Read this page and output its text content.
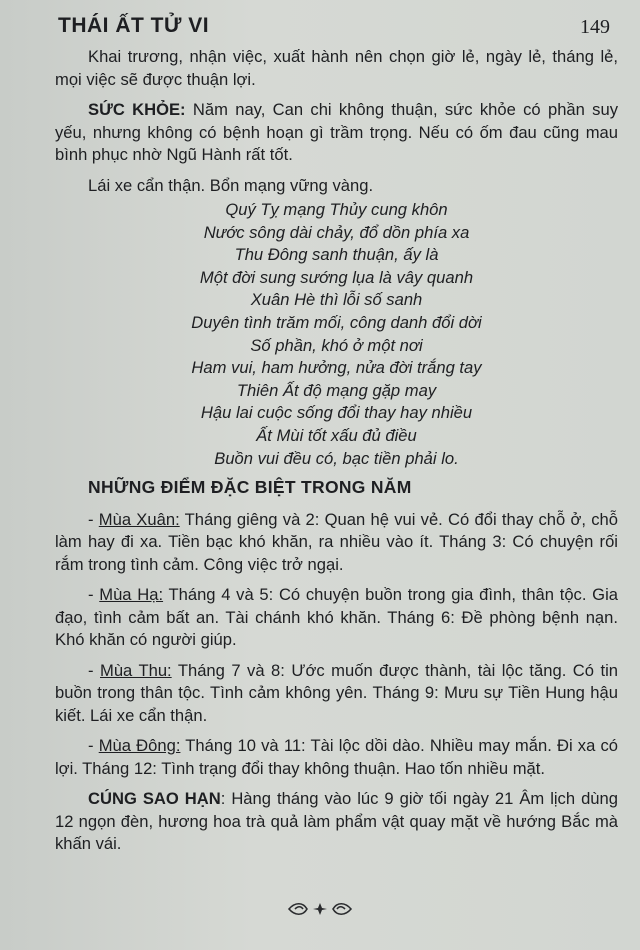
THÁI ẤT TỬ VI	149

Khai trương, nhận việc, xuất hành nên chọn giờ lẻ, ngày lẻ, tháng lẻ, mọi việc sẽ được thuận lợi.

SỨC KHỎE: Năm nay, Can chi không thuận, sức khỏe có phần suy yếu, nhưng không có bệnh hoạn gì trầm trọng. Nếu có ốm đau cũng mau bình phục nhờ Ngũ Hành rất tốt.

Lái xe cẩn thận. Bổn mạng vững vàng.

Quý Tỵ mạng Thủy cung khôn
Nước sông dài chảy, đổ dồn phía xa
Thu Đông sanh thuận, ấy là
Một đời sung sướng lụa là vây quanh
Xuân Hè thì lỗi số sanh
Duyên tình trăm mối, công danh đổi dời
Số phần, khó ở một nơi
Ham vui, ham hưởng, nửa đời trắng tay
Thiên Ất độ mạng gặp may
Hậu lai cuộc sống đổi thay hay nhiều
Ất Mùi tốt xấu đủ điều
Buồn vui đều có, bạc tiền phải lo.
NHỮNG ĐIỂM ĐẶC BIỆT TRONG NĂM

- Mùa Xuân: Tháng giêng và 2: Quan hệ vui vẻ. Có đổi thay chỗ ở, chỗ làm hay đi xa. Tiền bạc khó khăn, ra nhiều vào ít. Tháng 3: Có chuyện rối rắm trong tình cảm. Công việc trở ngại.

- Mùa Hạ: Tháng 4 và 5: Có chuyện buồn trong gia đình, thân tộc. Gia đạo, tình cảm bất an. Tài chánh khó khăn. Tháng 6: Đề phòng bệnh nạn. Khó khăn có người giúp.

- Mùa Thu: Tháng 7 và 8: Ước muốn được thành, tài lộc tăng. Có tin buồn trong thân tộc. Tình cảm không yên. Tháng 9: Mưu sự Tiền Hung hậu kiết. Lái xe cẩn thận.

- Mùa Đông: Tháng 10 và 11: Tài lộc dồi dào. Nhiều may mắn. Đi xa có lợi. Tháng 12: Tình trạng đổi thay không thuận. Hao tốn nhiều mặt.

CÚNG SAO HẠN: Hàng tháng vào lúc 9 giờ tối ngày 21 Âm lịch dùng 12 ngọn đèn, hương hoa trà quả làm phẩm vật quay mặt về hướng Bắc mà khấn vái.
